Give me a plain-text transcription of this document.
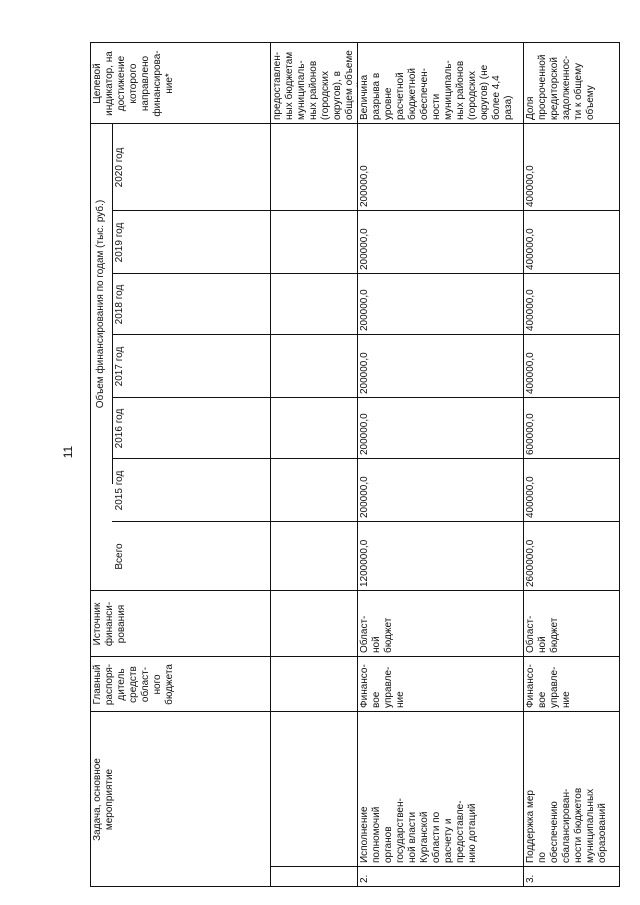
11
Задача, основное
мероприятие
Главный
распоря-
дитель
средств
област-
ного
бюджета
Источник
финанси-
рования
Объем финансирования по годам (тыс. руб.)
Всего
2015 год
2016 год
2017 год
2018 год
2019 год
2020 год
Целевой
индикатор, на
достижение
которого
направлено
финансирова-
ние*	предоставлен-
ных бюджетам
муниципаль-
ных районов
(городских
округов), в
общем объеме

2.
Исполнение
полномочий
органов
государствен-
ной власти
Курганской
области по
расчету и
предоставле-
нию дотаций
Финансо-
вое
управле-
ние
Област-
ной
бюджет
1200000,0
200000,0
200000,0
200000,0
200000,0
200000,0
200000,0
Величина
разрыва в
уровне
расчетной
бюджетной
обеспечен-
ности
муниципаль-
ных районов
(городских
округов) (не
более 4,4
раза)
3.
Поддержка мер
по
обеспечению
сбалансирован-
ности бюджетов
муниципальных
образований
Финансо-
вое
управле-
ние
Област-
ной
бюджет
2600000,0
400000,0
600000,0
400000,0
400000,0
400000,0
400000,0
Доля
просроченной
кредиторской
задолженнос-
ти к общему
объему
